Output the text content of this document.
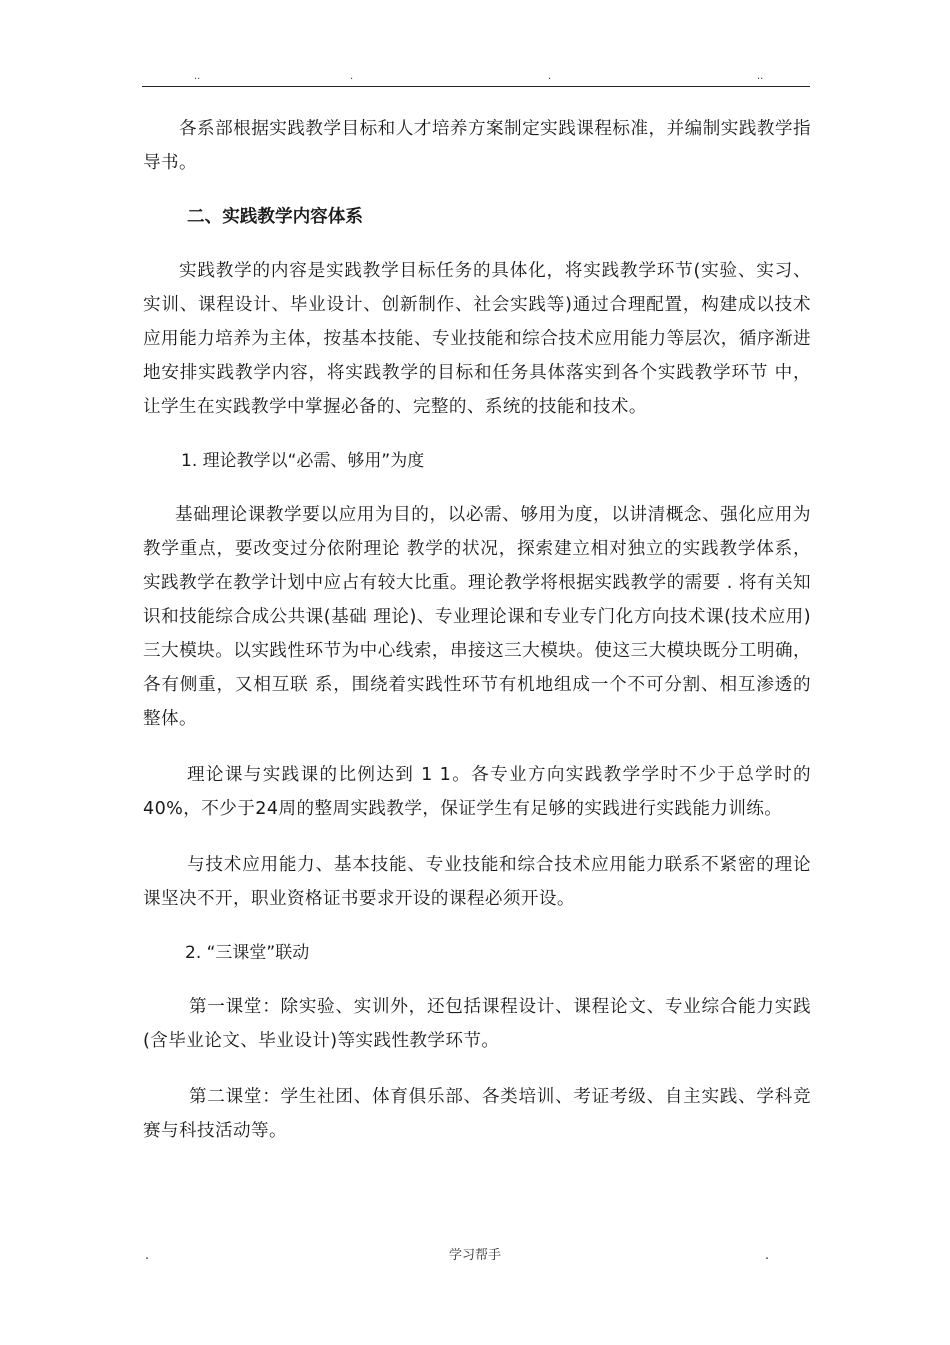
..	.	.	..

各系部根据实践教学目标和人才培养方案制定实践课程标准，并编制实践教学指导书。

二、实践教学内容体系

实践教学的内容是实践教学目标任务的具体化，将实践教学环节(实验、实习、实训、课程设计、毕业设计、创新制作、社会实践等)通过合理配置，构建成以技术 应用能力培养为主体，按基本技能、专业技能和综合技术应用能力等层次，循序渐进地安排实践教学内容，将实践教学的目标和任务具体落实到各个实践教学环节 中，让学生在实践教学中掌握必备的、完整的、系统的技能和技术。

1. 理论教学以“必需、够用”为度

基础理论课教学要以应用为目的，以必需、够用为度，以讲清概念、强化应用为教学重点，要改变过分依附理论 教学的状况，探索建立相对独立的实践教学体系，实践教学在教学计划中应占有较大比重。理论教学将根据实践教学的需要 . 将有关知识和技能综合成公共课(基础 理论)、专业理论课和专业专门化方向技术课(技术应用)三大模块。以实践性环节为中心线索，串接这三大模块。使这三大模块既分工明确，各有侧重，又相互联 系，围绕着实践性环节有机地组成一个不可分割、相互渗透的整体。

理论课与实践课的比例达到 1 1。各专业方向实践教学学时不少于总学时的40%，不少于24周的整周实践教学，保证学生有足够的实践进行实践能力训练。

与技术应用能力、基本技能、专业技能和综合技术应用能力联系不紧密的理论课坚决不开，职业资格证书要求开设的课程必须开设。

2. “三课堂”联动

第一课堂：除实验、实训外，还包括课程设计、课程论文、专业综合能力实践(含毕业论文、毕业设计)等实践性教学环节。

第二课堂：学生社团、体育俱乐部、各类培训、考证考级、自主实践、学科竞赛与科技活动等。

.	学习帮手	.
